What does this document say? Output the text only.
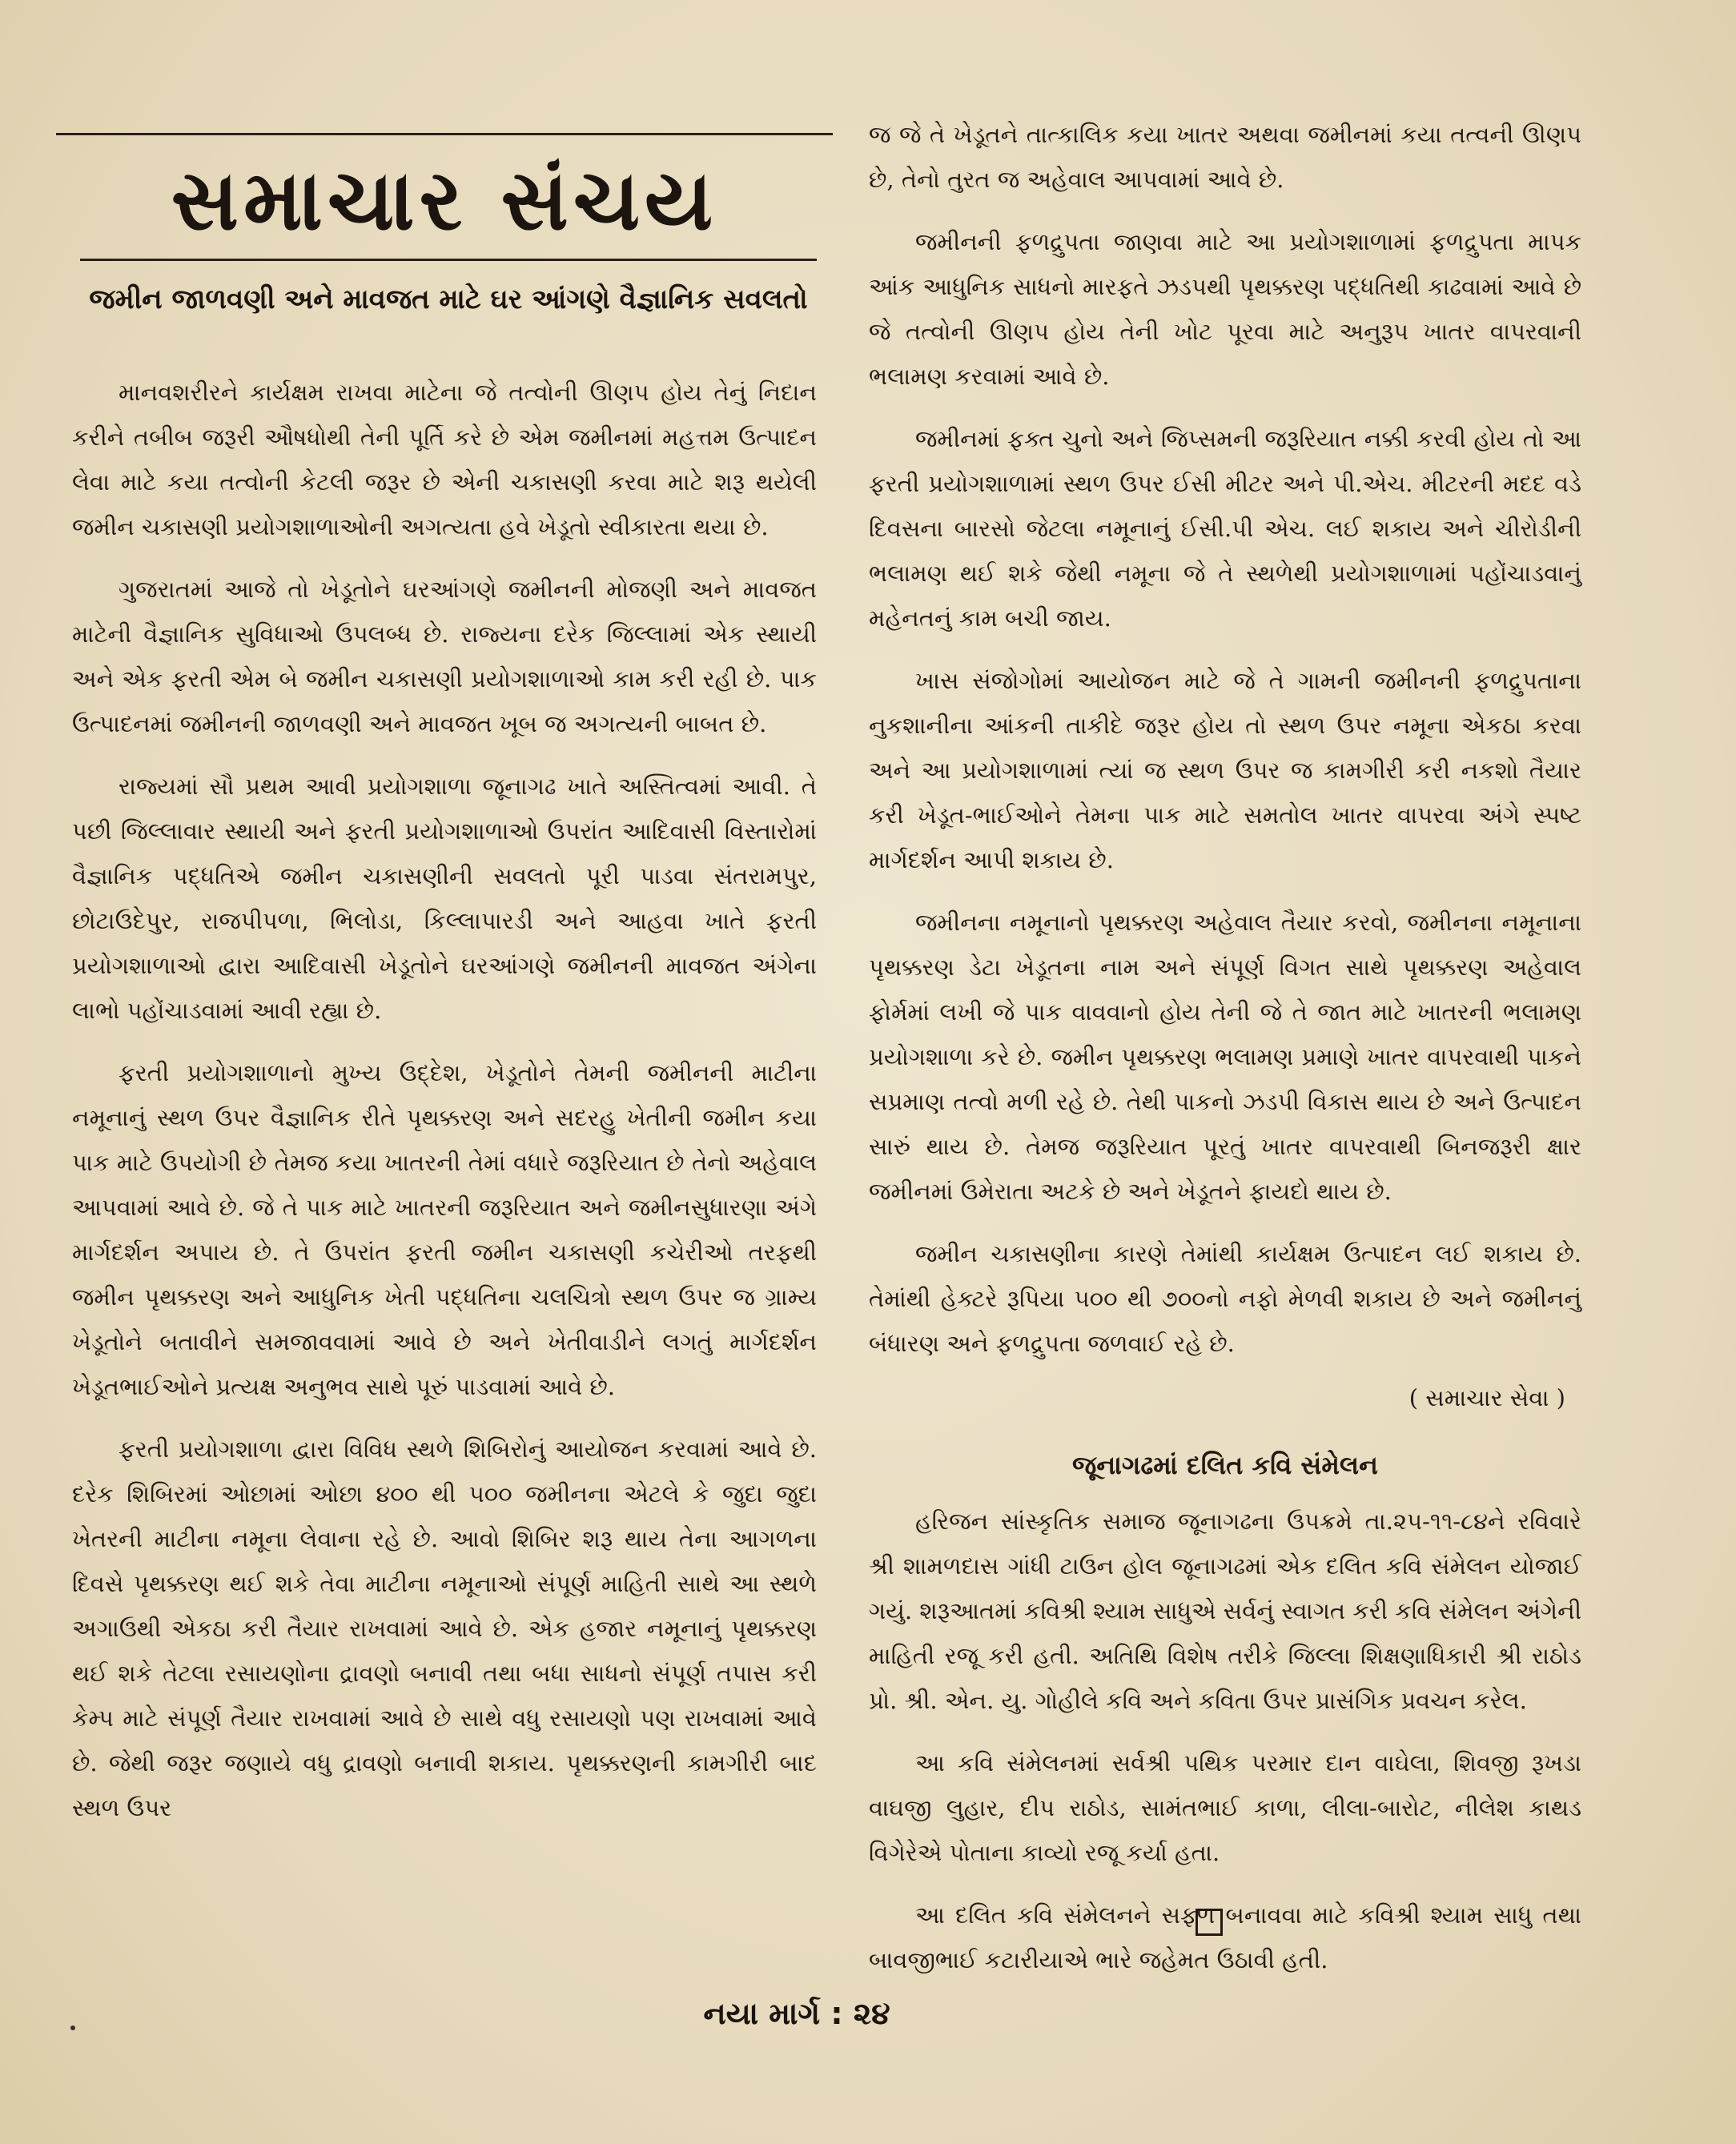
સમાચાર સંચય
જમીન જાળવણી અને માવજત માટે ઘર આંગણે વૈજ્ઞાનિક સવલતો

માનવશરીરને કાર્યક્ષમ રાખવા માટેના જે તત્વોની ઊણપ હોય તેનું નિદાન કરીને તબીબ જરૂરી ઔષધોથી તેની પૂર્તિ કરે છે એમ જમીનમાં મહત્તમ ઉત્પાદન લેવા માટે કયા તત્વોની કેટલી જરૂર છે એની ચકાસણી કરવા માટે શરૂ થયેલી જમીન ચકાસણી પ્રયોગશાળાઓની અગત્યતા હવે ખેડૂતો સ્વીકારતા થયા છે.

ગુજરાતમાં આજે તો ખેડૂતોને ઘરઆંગણે જમીનની મોજણી અને માવજત માટેની વૈજ્ઞાનિક સુવિધાઓ ઉપલબ્ધ છે. રાજ્યના દરેક જિલ્લામાં એક સ્થાયી અને એક ફરતી એમ બે જમીન ચકાસણી પ્રયોગશાળાઓ કામ કરી રહી છે. પાક ઉત્પાદનમાં જમીનની જાળવણી અને માવજત ખૂબ જ અગત્યની બાબત છે.

રાજ્યમાં સૌ પ્રથમ આવી પ્રયોગશાળા જૂનાગઢ ખાતે અસ્તિત્વમાં આવી. તે પછી જિલ્લાવાર સ્થાયી અને ફરતી પ્રયોગશાળાઓ ઉપરાંત આદિવાસી વિસ્તારોમાં વૈજ્ઞાનિક પદ્ધતિએ જમીન ચકાસણીની સવલતો પૂરી પાડવા સંતરામપુર, છોટાઉદેપુર, રાજપીપળા, ભિલોડા, કિલ્લાપારડી અને આહવા ખાતે ફરતી પ્રયોગશાળાઓ દ્વારા આદિવાસી ખેડૂતોને ઘરઆંગણે જમીનની માવજત અંગેના લાભો પહોંચાડવામાં આવી રહ્યા છે.

ફરતી પ્રયોગશાળાનો મુખ્ય ઉદ્દેશ, ખેડૂતોને તેમની જમીનની માટીના નમૂનાનું સ્થળ ઉપર વૈજ્ઞાનિક રીતે પૃથક્કરણ અને સદરહુ ખેતીની જમીન કયા પાક માટે ઉપયોગી છે તેમજ કયા ખાતરની તેમાં વધારે જરૂરિયાત છે તેનો અહેવાલ આપવામાં આવે છે. જે તે પાક માટે ખાતરની જરૂરિયાત અને જમીનસુધારણા અંગે માર્ગદર્શન અપાય છે. તે ઉપરાંત ફરતી જમીન ચકાસણી કચેરીઓ તરફથી જમીન પૃથક્કરણ અને આધુનિક ખેતી પદ્ધતિના ચલચિત્રો સ્થળ ઉપર જ ગ્રામ્ય ખેડૂતોને બતાવીને સમજાવવામાં આવે છે અને ખેતીવાડીને લગતું માર્ગદર્શન ખેડૂતભાઈઓને પ્રત્યક્ષ અનુભવ સાથે પૂરું પાડવામાં આવે છે.

ફરતી પ્રયોગશાળા દ્વારા વિવિધ સ્થળે શિબિરોનું આયોજન કરવામાં આવે છે. દરેક શિબિરમાં ઓછામાં ઓછા ૪૦૦ થી ૫૦૦ જમીનના એટલે કે જુદા જુદા ખેતરની માટીના નમૂના લેવાના રહે છે. આવો શિબિર શરૂ થાય તેના આગળના દિવસે પૃથક્કરણ થઈ શકે તેવા માટીના નમૂનાઓ સંપૂર્ણ માહિતી સાથે આ સ્થળે અગાઉથી એકઠા કરી તૈયાર રાખવામાં આવે છે. એક હજાર નમૂનાનું પૃથક્કરણ થઈ શકે તેટલા રસાયણોના દ્રાવણો બનાવી તથા બધા સાધનો સંપૂર્ણ તપાસ કરી કેમ્પ માટે સંપૂર્ણ તૈયાર રાખવામાં આવે છે સાથે વધુ રસાયણો પણ રાખવામાં આવે છે. જેથી જરૂર જણાયે વધુ દ્રાવણો બનાવી શકાય. પૃથક્કરણની કામગીરી બાદ સ્થળ ઉપર

જ જે તે ખેડૂતને તાત્કાલિક કયા ખાતર અથવા જમીનમાં કયા તત્વની ઊણપ છે, તેનો તુરત જ અહેવાલ આપવામાં આવે છે.

જમીનની ફળદ્રુપતા જાણવા માટે આ પ્રયોગશાળામાં ફળદ્રુપતા માપક આંક આધુનિક સાધનો મારફતે ઝડપથી પૃથક્કરણ પદ્ધતિથી કાઢવામાં આવે છે જે તત્વોની ઊણપ હોય તેની ખોટ પૂરવા માટે અનુરૂપ ખાતર વાપરવાની ભલામણ કરવામાં આવે છે.

જમીનમાં ફક્ત ચુનો અને જિપ્સમની જરૂરિયાત નક્કી કરવી હોય તો આ ફરતી પ્રયોગશાળામાં સ્થળ ઉપર ઈસી મીટર અને પી.એચ. મીટરની મદદ વડે દિવસના બારસો જેટલા નમૂનાનું ઈસી.પી એચ. લઈ શકાય અને ચીરોડીની ભલામણ થઈ શકે જેથી નમૂના જે તે સ્થળેથી પ્રયોગશાળામાં પહોંચાડવાનું મહેનતનું કામ બચી જાય.

ખાસ સંજોગોમાં આયોજન માટે જે તે ગામની જમીનની ફળદ્રુપતાના નુકશાનીના આંકની તાકીદે જરૂર હોય તો સ્થળ ઉપર નમૂના એકઠા કરવા અને આ પ્રયોગશાળામાં ત્યાં જ સ્થળ ઉપર જ કામગીરી કરી નકશો તૈયાર કરી ખેડૂત-ભાઈઓને તેમના પાક માટે સમતોલ ખાતર વાપરવા અંગે સ્પષ્ટ માર્ગદર્શન આપી શકાય છે.

જમીનના નમૂનાનો પૃથક્કરણ અહેવાલ તૈયાર કરવો, જમીનના નમૂનાના પૃથક્કરણ ડેટા ખેડૂતના નામ અને સંપૂર્ણ વિગત સાથે પૃથક્કરણ અહેવાલ ફોર્મમાં લખી જે પાક વાવવાનો હોય તેની જે તે જાત માટે ખાતરની ભલામણ પ્રયોગશાળા કરે છે. જમીન પૃથક્કરણ ભલામણ પ્રમાણે ખાતર વાપરવાથી પાકને સપ્રમાણ તત્વો મળી રહે છે. તેથી પાકનો ઝડપી વિકાસ થાય છે અને ઉત્પાદન સારું થાય છે. તેમજ જરૂરિયાત પૂરતું ખાતર વાપરવાથી બિનજરૂરી ક્ષાર જમીનમાં ઉમેરાતા અટકે છે અને ખેડૂતને ફાયદો થાય છે.

જમીન ચકાસણીના કારણે તેમાંથી કાર્યક્ષમ ઉત્પાદન લઈ શકાય છે. તેમાંથી હેક્ટરે રૂપિયા ૫૦૦ થી ૭૦૦નો નફો મેળવી શકાય છે અને જમીનનું બંધારણ અને ફળદ્રુપતા જળવાઈ રહે છે.

( સમાચાર સેવા )
જૂનાગઢમાં દલિત કવિ સંમેલન

હરિજન સાંસ્કૃતિક સમાજ જૂનાગઢના ઉપક્રમે તા.૨૫-૧૧-૮૪ને રવિવારે શ્રી શામળદાસ ગાંધી ટાઉન હોલ જૂનાગઢમાં એક દલિત કવિ સંમેલન યોજાઈ ગયું. શરૂઆતમાં કવિશ્રી શ્યામ સાધુએ સર્વનું સ્વાગત કરી કવિ સંમેલન અંગેની માહિતી રજૂ કરી હતી. અતિથિ વિશેષ તરીકે જિલ્લા શિક્ષણાધિકારી શ્રી રાઠોડ પ્રો. શ્રી. એન. યુ. ગોહીલે કવિ અને કવિતા ઉપર પ્રાસંગિક પ્રવચન કરેલ.

આ કવિ સંમેલનમાં સર્વશ્રી પથિક પરમાર દાન વાઘેલા, શિવજી રૂખડા વાઘજી લુહાર, દીપ રાઠોડ, સામંતભાઈ કાળા, લીલા-બારોટ, નીલેશ કાથડ વિગેરેએ પોતાના કાવ્યો રજૂ કર્યા હતા.

આ દલિત કવિ સંમેલનને સફળ બનાવવા માટે કવિશ્રી શ્યામ સાધુ તથા બાવજીભાઈ કટારીયાએ ભારે જહેમત ઉઠાવી હતી.

નયા માર્ગ : ૨૪
